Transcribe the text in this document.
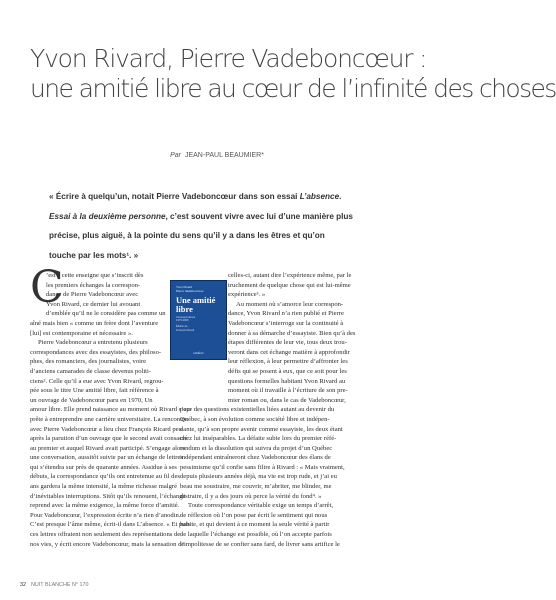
Yvon Rivard, Pierre Vadeboncœur :
une amitié libre au cœur de l’infinité des choses
Par JEAN-PAUL BEAUMIER*
« Écrire à quelqu’un, notait Pierre Vadeboncœur dans son essai L’absence.
Essai à la deuxième personne, c’est souvent vivre avec lui d’une manière plus
précise, plus aiguë, à la pointe du sens qu’il y a dans les êtres et qu’on
touche par les mots¹. »
C
’est à cette enseigne que s’inscrit dès
les premiers échanges la correspon-
dance de Pierre Vadeboncœur avec
Yvon Rivard, ce dernier lui avouant
d’emblée qu’il ne le considère pas comme un
aîné mais bien « comme un frère dont l’aventure
[lui] est contemporaine et nécessaire ».
Pierre Vadeboncœur a entretenu plusieurs
correspondances avec des essayistes, des philoso-
phes, des romanciers, des journalistes, voire
d’anciens camarades de classe devenus politi-
ciens². Celle qu’il a eue avec Yvon Rivard, regrou-
pée sous le titre Une amitié libre, fait référence à
un ouvrage de Vadeboncœur paru en 1970, Un
amour libre. Elle prend naissance au moment où Rivard s’ap-
prête à entreprendre une carrière universitaire. La rencontre
avec Pierre Vadeboncœur a lieu chez François Ricard peu
après la parution d’un ouvrage que le second avait consacré
au premier et auquel Rivard avait participé. S’engage alors
une conversation, aussitôt suivie par un échange de lettres
qui s’étendra sur près de quarante années. Assidue à ses
débuts, la correspondance qu’ils ont entretenue au fil des
ans gardera la même intensité, la même richesse malgré
d’inévitables interruptions. Sitôt qu’ils renouent, l’échange
reprend avec la même exigence, la même force d’amitié.
Pour Vadeboncœur, l’expression écrite n’a rien d’anodin.
C’est presque l’âme même, écrit-il dans L’absence. « Et puis
ces lettres offraient non seulement des représentations de
nos vies, y écrit encore Vadeboncœur, mais la sensation de
celles-ci, autant dire l’expérience même, par le
truchement de quelque chose qui est lui-même
expérience³. »
Au moment où s’amorce leur correspon-
dance, Yvon Rivard n’a rien publié et Pierre
Vadeboncœur s’interroge sur la continuité à
donner à sa démarche d’essayiste. Bien qu’à des
étapes différentes de leur vie, tous deux trou-
veront dans cet échange matière à approfondir
leur réflexion, à leur permettre d’affronter les
défis qui se posent à eux, que ce soit pour les
questions formelles habitant Yvon Rivard au
moment où il travaille à l’écriture de son pre-
mier roman ou, dans le cas de Vadeboncœur,
pour des questions existentielles liées autant au devenir du
Québec, à son évolution comme société libre et indépen-
dante, qu’à son propre avenir comme essayiste, les deux étant
chez lui inséparables. La défaite subie lors du premier réfé-
rendum et la dissolution qui suivra du projet d’un Québec
indépendant entraîneront chez Vadeboncœur des élans de
pessimisme qu’il confie sans filtre à Rivard : « Mais vraiment,
depuis plusieurs années déjà, ma vie est trop rude, et j’ai eu
beau me soustraire, me couvrir, m’abriter, me blinder, me
distraire, il y a des jours où perce la vérité du fond⁴. »
Toute correspondance véritable exige un temps d’arrêt,
de réflexion où l’on pose par écrit le sentiment qui nous
habite, et qui devient à ce moment la seule vérité à partir
de laquelle l’échange est possible, où l’on accepte parfois
l’impolitesse de se confier sans fard, de livrer sans artifice le
Yvon Rivard
Pierre Vadeboncœur
Une amitié
libre
Correspondance
1975-2008
Édition de
François Ricard
LEMÉAC
32 NUIT BLANCHE N° 170
